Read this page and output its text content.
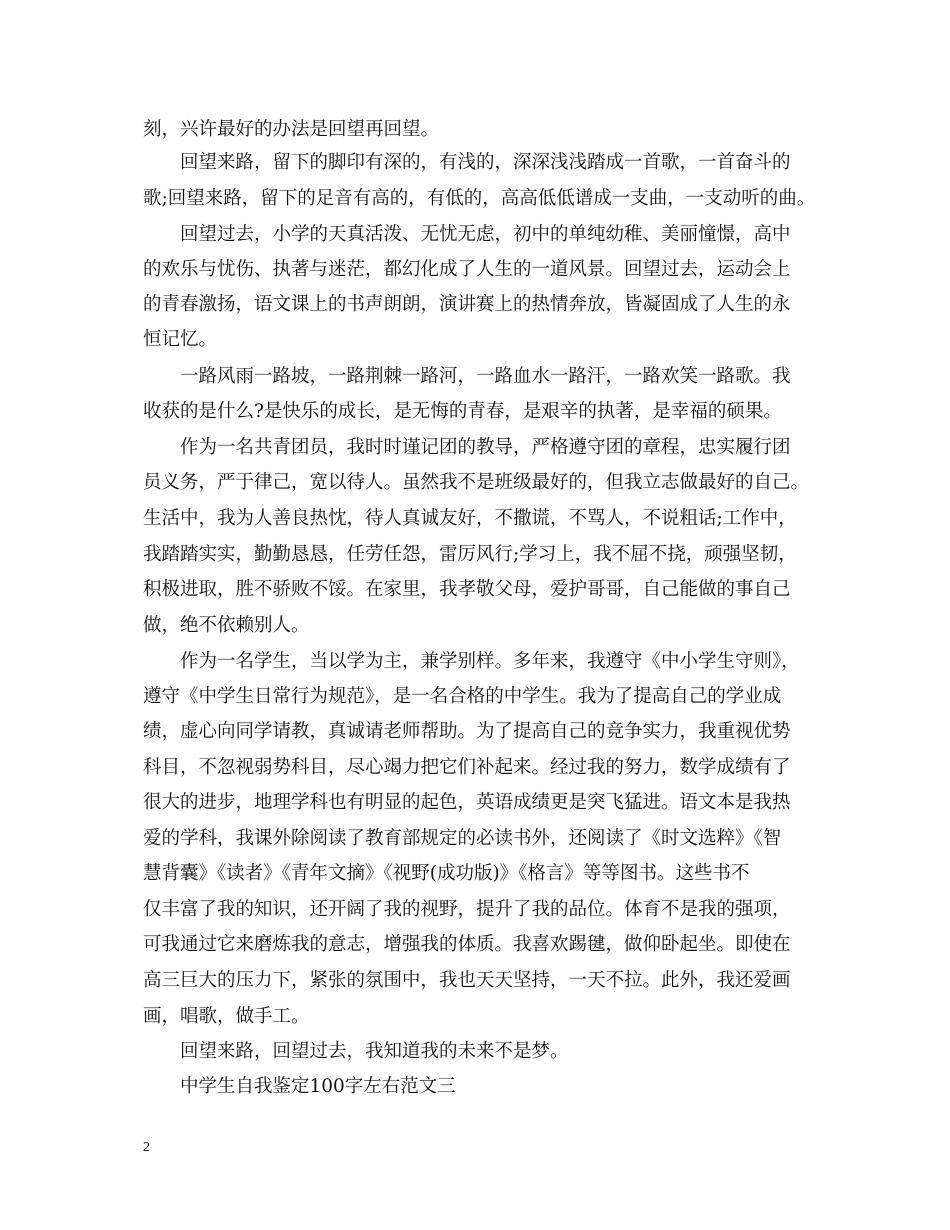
刻，兴许最好的办法是回望再回望。
回望来路，留下的脚印有深的，有浅的，深深浅浅踏成一首歌，一首奋斗的
歌;回望来路，留下的足音有高的，有低的，高高低低谱成一支曲，一支动听的曲。
回望过去，小学的天真活泼、无忧无虑，初中的单纯幼稚、美丽憧憬，高中
的欢乐与忧伤、执著与迷茫，都幻化成了人生的一道风景。回望过去，运动会上
的青春激扬，语文课上的书声朗朗，演讲赛上的热情奔放，皆凝固成了人生的永
恒记忆。
一路风雨一路坡，一路荆棘一路河，一路血水一路汗，一路欢笑一路歌。我
收获的是什么?是快乐的成长，是无悔的青春，是艰辛的执著，是幸福的硕果。
作为一名共青团员，我时时谨记团的教导，严格遵守团的章程，忠实履行团
员义务，严于律己，宽以待人。虽然我不是班级最好的，但我立志做最好的自己。
生活中，我为人善良热忱，待人真诚友好，不撒谎，不骂人，不说粗话;工作中，
我踏踏实实，勤勤恳恳，任劳任怨，雷厉风行;学习上，我不屈不挠，顽强坚韧，
积极进取，胜不骄败不馁。在家里，我孝敬父母，爱护哥哥，自己能做的事自己
做，绝不依赖别人。
作为一名学生，当以学为主，兼学别样。多年来，我遵守《中小学生守则》，
遵守《中学生日常行为规范》，是一名合格的中学生。我为了提高自己的学业成
绩，虚心向同学请教，真诚请老师帮助。为了提高自己的竞争实力，我重视优势
科目，不忽视弱势科目，尽心竭力把它们补起来。经过我的努力，数学成绩有了
很大的进步，地理学科也有明显的起色，英语成绩更是突飞猛进。语文本是我热
爱的学科，我课外除阅读了教育部规定的必读书外，还阅读了《时文选粹》《智
慧背囊》《读者》《青年文摘》《视野(成功版)》《格言》等等图书。这些书不
仅丰富了我的知识，还开阔了我的视野，提升了我的品位。体育不是我的强项，
可我通过它来磨炼我的意志，增强我的体质。我喜欢踢毽，做仰卧起坐。即使在
高三巨大的压力下，紧张的氛围中，我也天天坚持，一天不拉。此外，我还爱画
画，唱歌，做手工。
回望来路，回望过去，我知道我的未来不是梦。
中学生自我鉴定100字左右范文三
2
